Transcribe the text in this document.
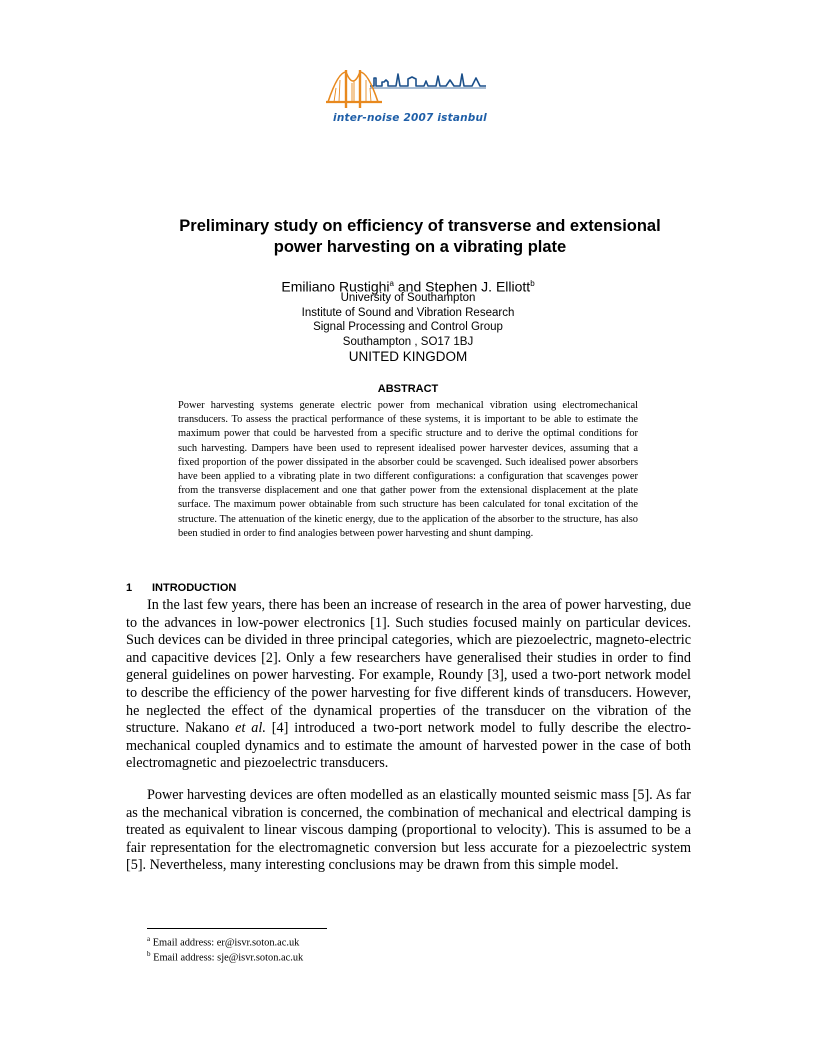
inter-noise 2007 istanbul
Preliminary study on efficiency of transverse and extensional
power harvesting on a vibrating plate
Emiliano Rustighi$^a$ and Stephen J. Elliott$^b$
University of Southampton
Institute of Sound and Vibration Research
Signal Processing and Control Group
Southampton , SO17 1BJ
UNITED KINGDOM
ABSTRACT

Power harvesting systems generate electric power from mechanical vibration using electromechanical transducers. To assess the practical performance of these systems, it is important to be able to estimate the maximum power that could be harvested from a specific structure and to derive the optimal conditions for such harvesting. Dampers have been used to represent idealised power harvester devices, assuming that a fixed proportion of the power dissipated in the absorber could be scavenged. Such idealised power absorbers have been applied to a vibrating plate in two different configurations: a configuration that scavenges power from the transverse displacement and one that gather power from the extensional displacement at the plate surface. The maximum power obtainable from such structure has been calculated for tonal excitation of the structure. The attenuation of the kinetic energy, due to the application of the absorber to the structure, has also been studied in order to find analogies between power harvesting and shunt damping.

1 INTRODUCTION

In the last few years, there has been an increase of research in the area of power harvesting, due to the advances in low-power electronics [1]. Such studies focused mainly on particular devices. Such devices can be divided in three principal categories, which are piezoelectric, magneto-electric and capacitive devices [2]. Only a few researchers have generalised their studies in order to find general guidelines on power harvesting. For example, Roundy [3], used a two-port network model to describe the efficiency of the power harvesting for five different kinds of transducers. However, he neglected the effect of the dynamical properties of the transducer on the vibration of the structure. Nakano et al. [4] introduced a two-port network model to fully describe the electro-mechanical coupled dynamics and to estimate the amount of harvested power in the case of both electromagnetic and piezoelectric transducers.

Power harvesting devices are often modelled as an elastically mounted seismic mass [5]. As far as the mechanical vibration is concerned, the combination of mechanical and electrical damping is treated as equivalent to linear viscous damping (proportional to velocity). This is assumed to be a fair representation for the electromagnetic conversion but less accurate for a piezoelectric system [5]. Nevertheless, many interesting conclusions may be drawn from this simple model.

$^a$ Email address: er@isvr.soton.ac.uk
$^b$ Email address: sje@isvr.soton.ac.uk
